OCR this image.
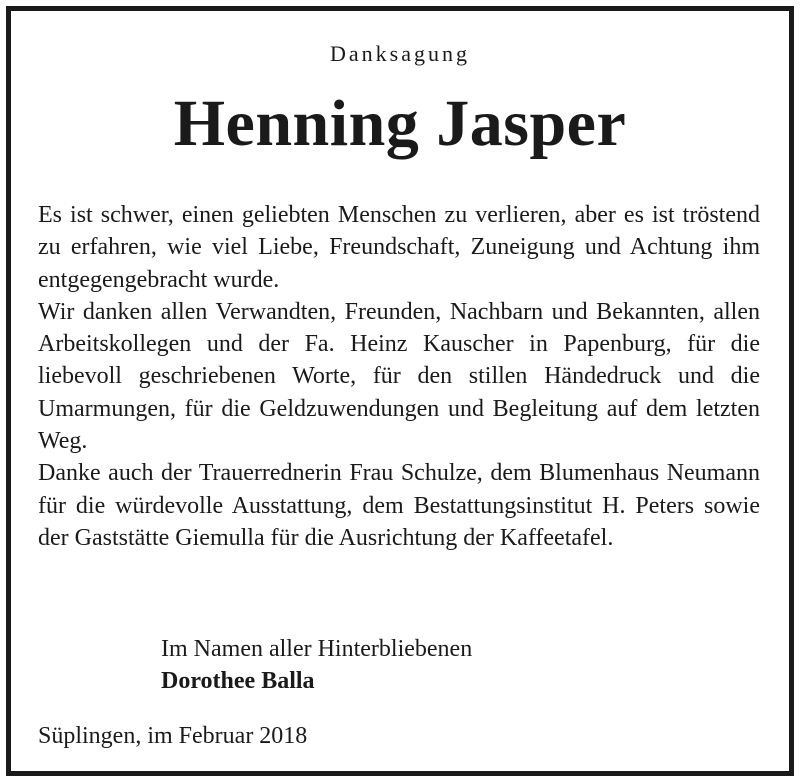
Danksagung
Henning Jasper

Es ist schwer, einen geliebten Menschen zu verlieren, aber es ist tröstend zu erfahren, wie viel Liebe, Freundschaft, Zuneigung und Achtung ihm entgegengebracht wurde.

Wir danken allen Verwandten, Freunden, Nachbarn und Bekannten, allen Arbeitskollegen und der Fa. Heinz Kauscher in Papenburg, für die liebevoll geschriebenen Worte, für den stillen Händedruck und die Umarmungen, für die Geldzuwendungen und Begleitung auf dem letzten Weg.

Danke auch der Trauerrednerin Frau Schulze, dem Blumenhaus Neumann für die würdevolle Ausstattung, dem Bestattungsinstitut H. Peters sowie der Gaststätte Giemulla für die Ausrichtung der Kaffeetafel.

Im Namen aller Hinterbliebenen
Dorothee Balla
Süplingen, im Februar 2018
